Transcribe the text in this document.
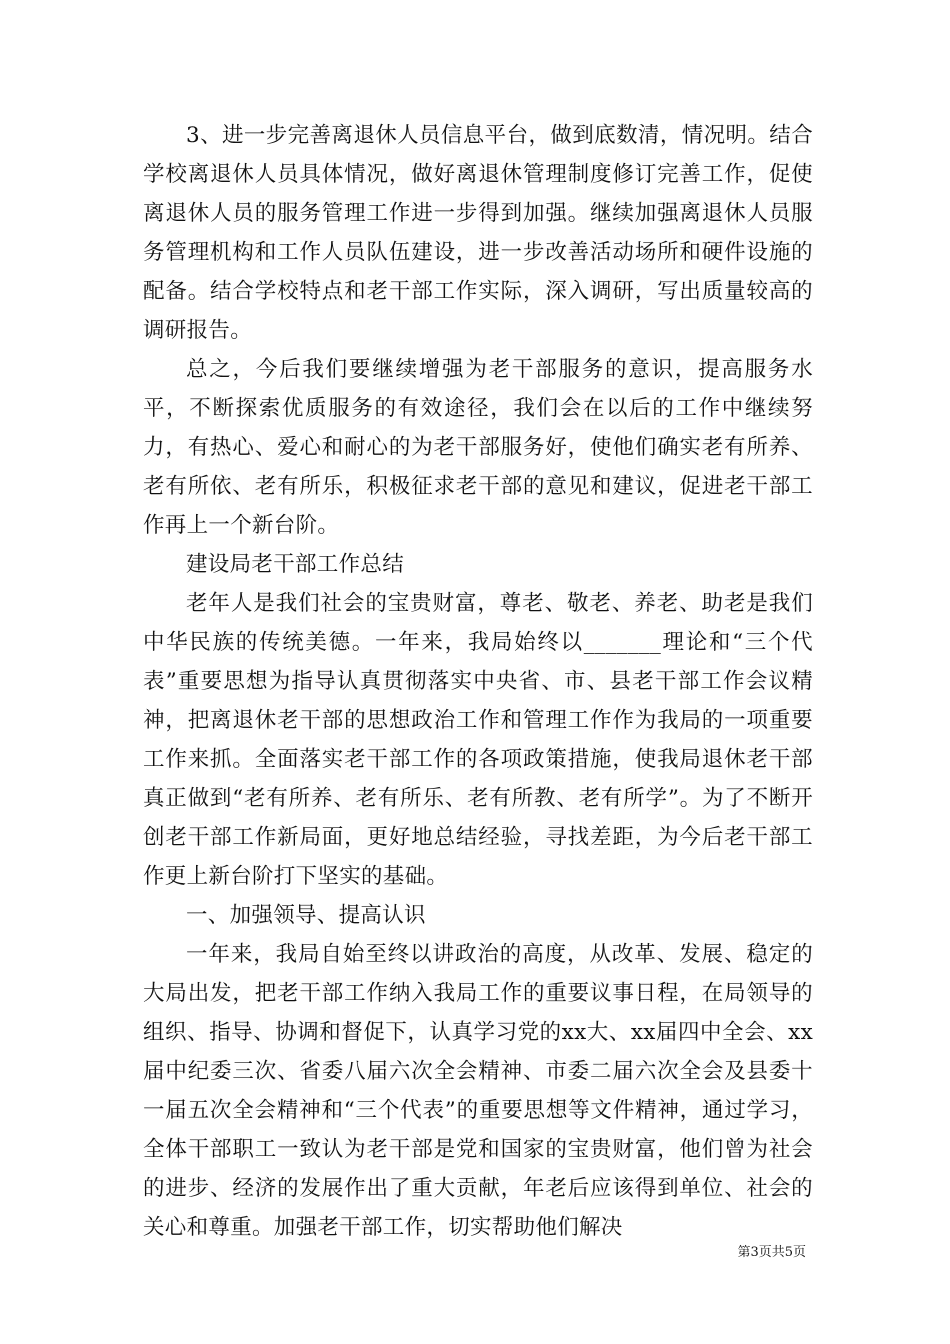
3、进一步完善离退休人员信息平台，做到底数清，情况明。结合学校离退休人员具体情况，做好离退休管理制度修订完善工作，促使离退休人员的服务管理工作进一步得到加强。继续加强离退休人员服务管理机构和工作人员队伍建设，进一步改善活动场所和硬件设施的配备。结合学校特点和老干部工作实际，深入调研，写出质量较高的调研报告。

总之，今后我们要继续增强为老干部服务的意识，提高服务水平，不断探索优质服务的有效途径，我们会在以后的工作中继续努力，有热心、爱心和耐心的为老干部服务好，使他们确实老有所养、老有所依、老有所乐，积极征求老干部的意见和建议，促进老干部工作再上一个新台阶。

建设局老干部工作总结

老年人是我们社会的宝贵财富，尊老、敬老、养老、助老是我们中华民族的传统美德。一年来，我局始终以_______理论和“三个代表”重要思想为指导认真贯彻落实中央省、市、县老干部工作会议精神，把离退休老干部的思想政治工作和管理工作作为我局的一项重要工作来抓。全面落实老干部工作的各项政策措施，使我局退休老干部真正做到“老有所养、老有所乐、老有所教、老有所学”。为了不断开创老干部工作新局面，更好地总结经验，寻找差距，为今后老干部工作更上新台阶打下坚实的基础。

一、加强领导、提高认识

一年来，我局自始至终以讲政治的高度，从改革、发展、稳定的大局出发，把老干部工作纳入我局工作的重要议事日程，在局领导的组织、指导、协调和督促下，认真学习党的xx大、xx届四中全会、xx届中纪委三次、省委八届六次全会精神、市委二届六次全会及县委十一届五次全会精神和“三个代表”的重要思想等文件精神，通过学习，全体干部职工一致认为老干部是党和国家的宝贵财富，他们曾为社会的进步、经济的发展作出了重大贡献，年老后应该得到单位、社会的关心和尊重。加强老干部工作，切实帮助他们解决

第3页共5页
